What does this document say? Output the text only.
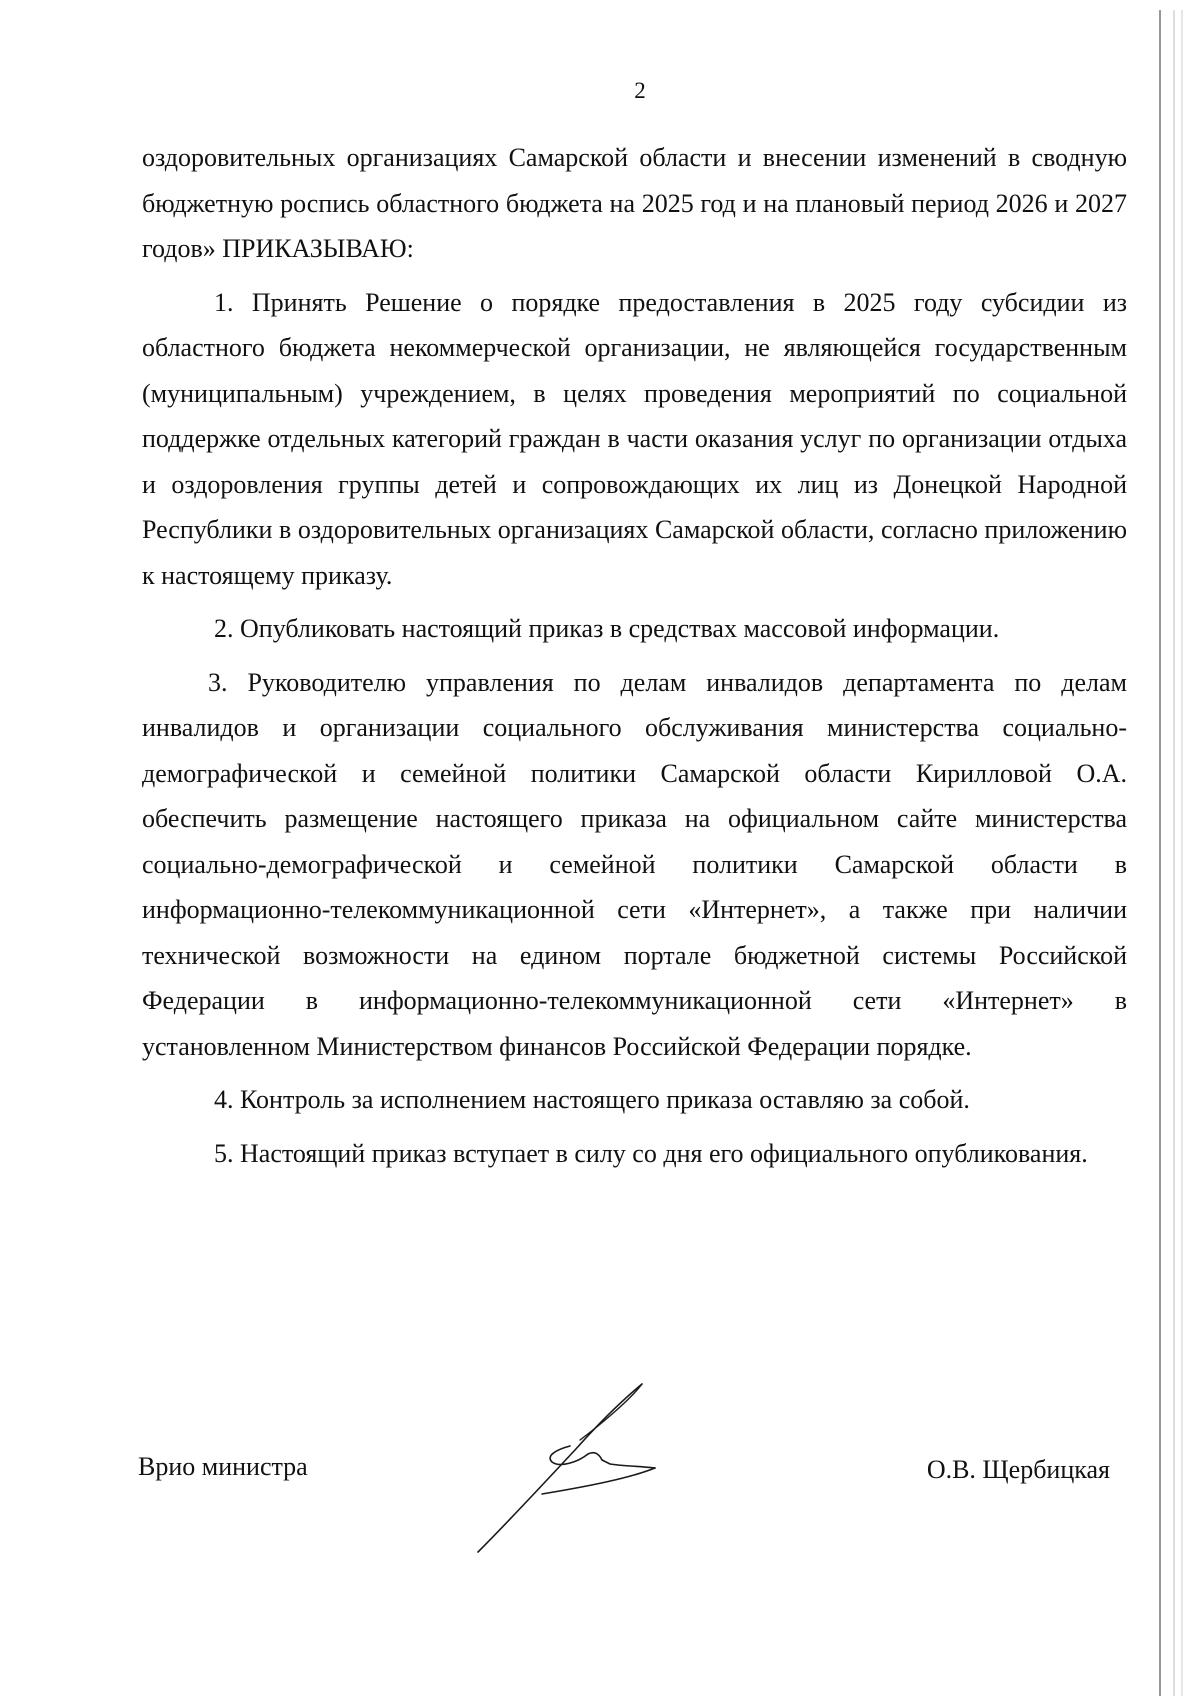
2

оздоровительных организациях Самарской области и внесении изменений в сводную бюджетную роспись областного бюджета на 2025 год и на плановый период 2026 и 2027 годов» ПРИКАЗЫВАЮ:

1. Принять Решение о порядке предоставления в 2025 году субсидии из областного бюджета некоммерческой организации, не являющейся государственным (муниципальным) учреждением, в целях проведения мероприятий по социальной поддержке отдельных категорий граждан в части оказания услуг по организации отдыха и оздоровления группы детей и сопровождающих их лиц из Донецкой Народной Республики в оздоровительных организациях Самарской области, согласно приложению к настоящему приказу.

2. Опубликовать настоящий приказ в средствах массовой информации.

3. Руководителю управления по делам инвалидов департамента по делам инвалидов и организации социального обслуживания министерства социально-демографической и семейной политики Самарской области Кирилловой О.А. обеспечить размещение настоящего приказа на официальном сайте министерства социально-демографической и семейной политики Самарской области в информационно-телекоммуникационной сети «Интернет», а также при наличии технической возможности на едином портале бюджетной системы Российской Федерации в информационно-телекоммуникационной сети «Интернет» в установленном Министерством финансов Российской Федерации порядке.

4. Контроль за исполнением настоящего приказа оставляю за собой.

5. Настоящий приказ вступает в силу со дня его официального опубликования.

Врио министра	О.В. Щербицкая
